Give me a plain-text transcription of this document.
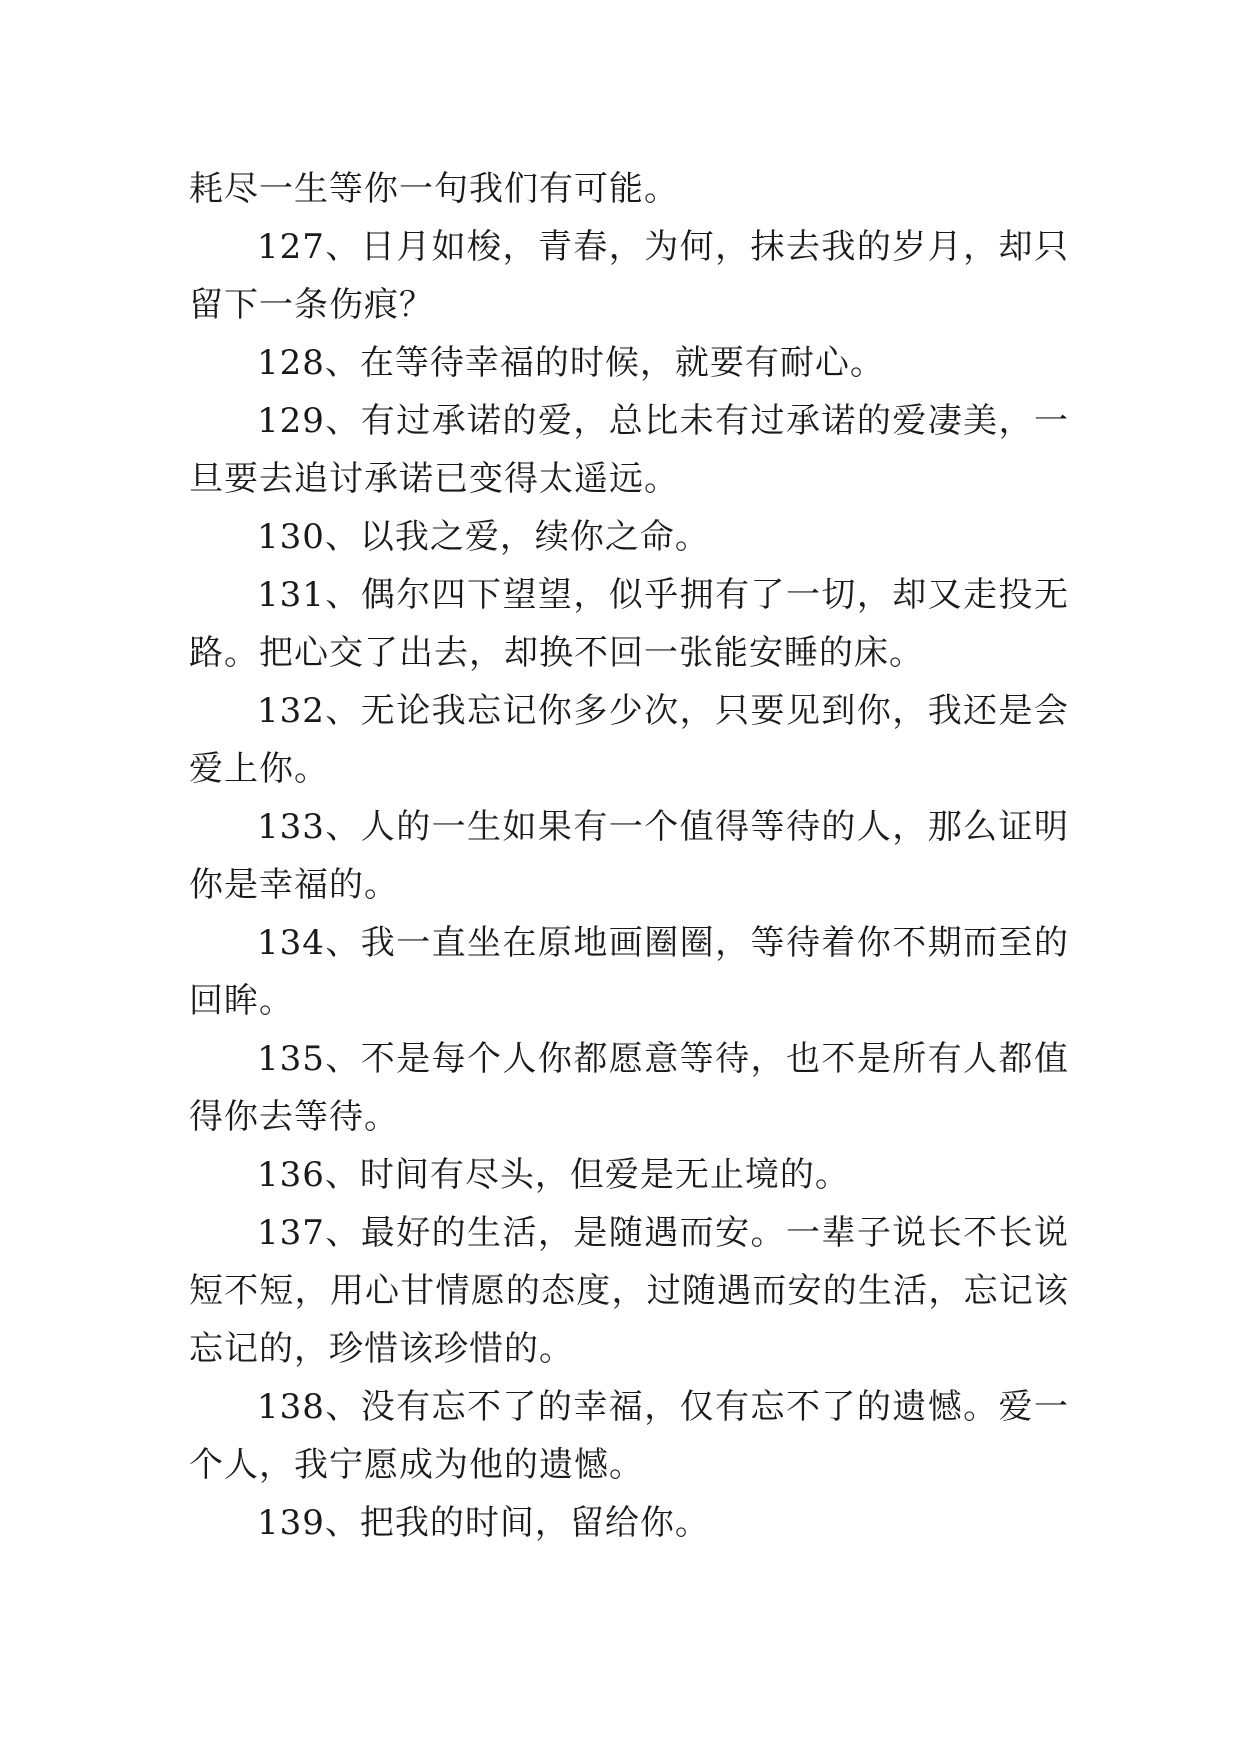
耗尽一生等你一句我们有可能。

127、日月如梭，青春，为何，抹去我的岁月，却只留下一条伤痕？

128、在等待幸福的时候，就要有耐心。

129、有过承诺的爱，总比未有过承诺的爱凄美，一旦要去追讨承诺已变得太遥远。

130、以我之爱，续你之命。

131、偶尔四下望望，似乎拥有了一切，却又走投无路。把心交了出去，却换不回一张能安睡的床。

132、无论我忘记你多少次，只要见到你，我还是会爱上你。

133、人的一生如果有一个值得等待的人，那么证明你是幸福的。

134、我一直坐在原地画圈圈，等待着你不期而至的回眸。

135、不是每个人你都愿意等待，也不是所有人都值得你去等待。

136、时间有尽头，但爱是无止境的。

137、最好的生活，是随遇而安。一辈子说长不长说短不短，用心甘情愿的态度，过随遇而安的生活，忘记该忘记的，珍惜该珍惜的。

138、没有忘不了的幸福，仅有忘不了的遗憾。爱一个人，我宁愿成为他的遗憾。

139、把我的时间，留给你。
